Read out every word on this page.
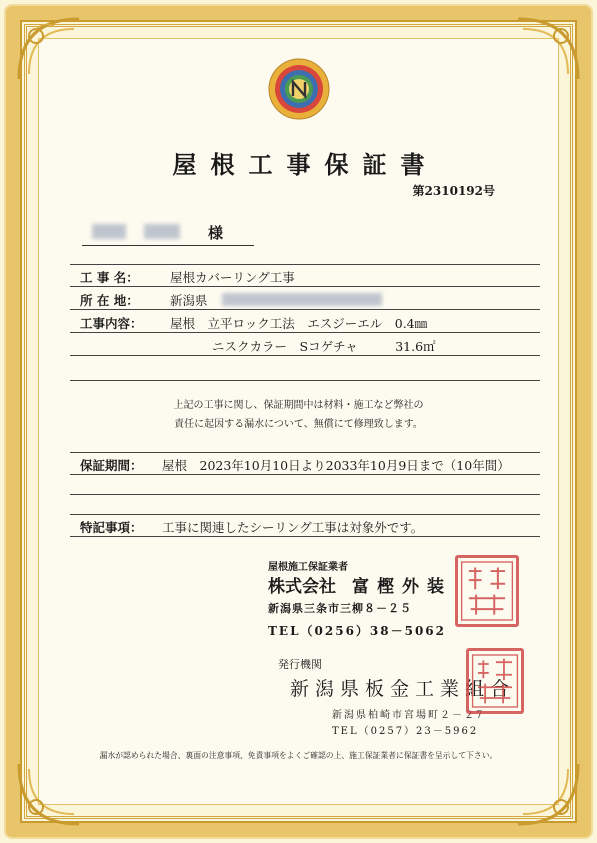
屋根工事保証書
第2310192号
様
工 事 名：	屋根カバーリング工事
所 在 地：	新潟県
工事内容： 屋根　立平ロック工法　エスジーエル　0.4㎜
ニスクカラー　Sコゲチャ　　　31.6㎡
上記の工事に関し、保証期間中は材料・施工など弊社の
責任に起因する漏水について、無償にて修理致します。
保証期間： 屋根　2023年10月10日より2033年10月9日まで（10年間）
特記事項： 工事に関連したシーリング工事は対象外です。
屋根施工保証業者
株式会社 富樫外装
新潟県三条市三柳８－２５
TEL（0256）38－5062
発行機関
新潟県板金工業組合
新潟県柏崎市宮場町２－２7
TEL（0257）23－5962
漏水が認められた場合、裏面の注意事項、免責事項をよくご確認の上、施工保証業者に保証書を呈示して下さい。
